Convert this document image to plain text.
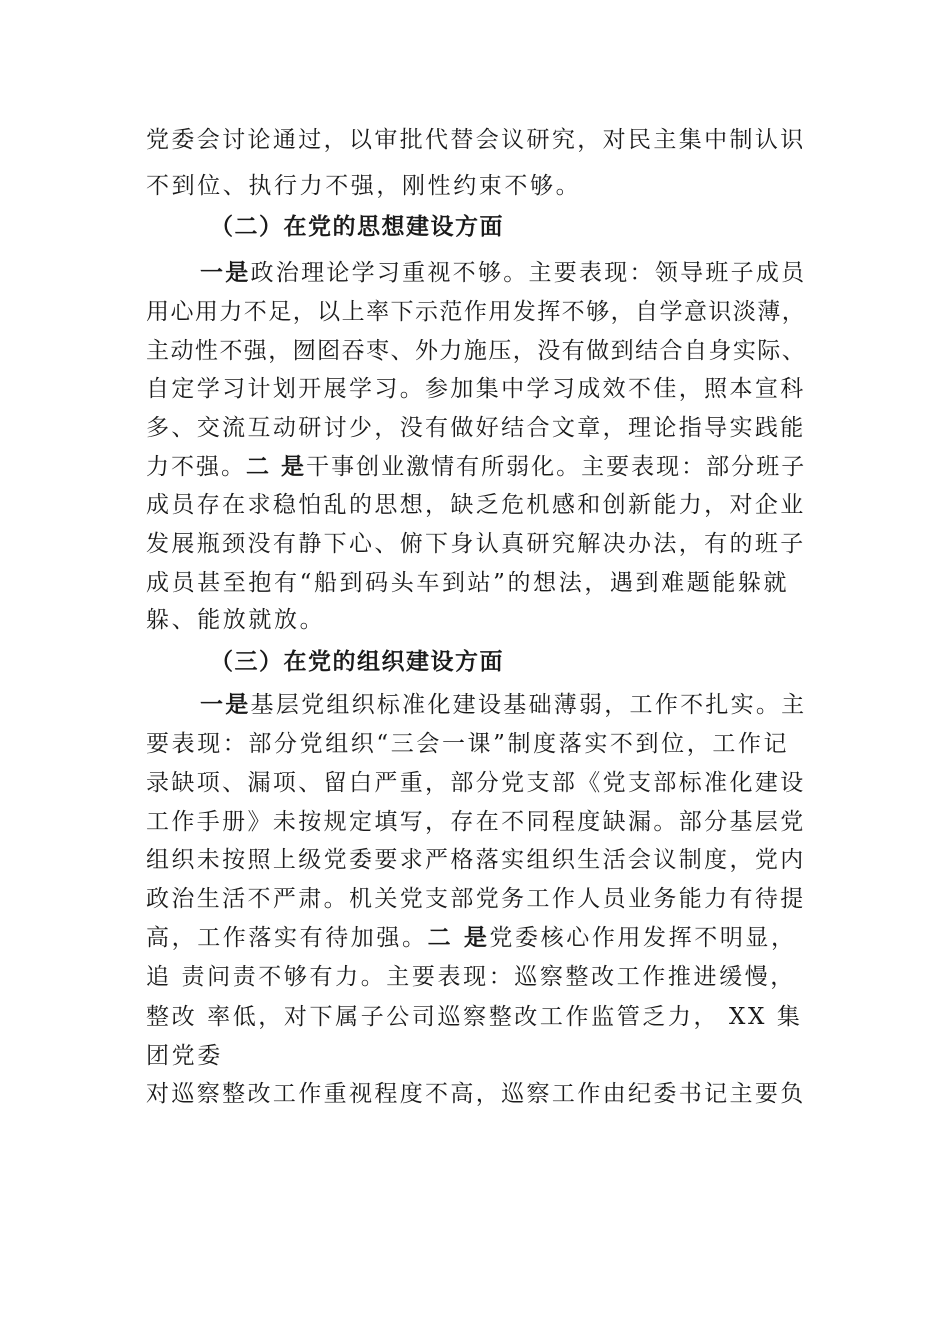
党委会讨论通过，以审批代替会议研究，对民主集中制认识
不到位、执行力不强，刚性约束不够。
（二）在党的思想建设方面
一是政治理论学习重视不够。主要表现：领导班子成员
用心用力不足，以上率下示范作用发挥不够，自学意识淡薄，
主动性不强，囫囵吞枣、外力施压，没有做到结合自身实际、
自定学习计划开展学习。参加集中学习成效不佳，照本宣科
多、交流互动研讨少，没有做好结合文章，理论指导实践能
力不强。二 是干事创业激情有所弱化。主要表现：部分班子
成员存在求稳怕乱的思想，缺乏危机感和创新能力，对企业
发展瓶颈没有静下心、俯下身认真研究解决办法，有的班子
成员甚至抱有“船到码头车到站”的想法，遇到难题能躲就
躲、能放就放。
（三）在党的组织建设方面
一是基层党组织标准化建设基础薄弱，工作不扎实。主
要表现：部分党组织“三会一课”制度落实不到位，工作记
录缺项、漏项、留白严重，部分党支部《党支部标准化建设
工作手册》未按规定填写，存在不同程度缺漏。部分基层党
组织未按照上级党委要求严格落实组织生活会议制度，党内
政治生活不严肃。机关党支部党务工作人员业务能力有待提
高，工作落实有待加强。二 是党委核心作用发挥不明显，
追 责问责不够有力。主要表现：巡察整改工作推进缓慢，
整改 率低，对下属子公司巡察整改工作监管乏力， XX 集
团党委
对巡察整改工作重视程度不高，巡察工作由纪委书记主要负
